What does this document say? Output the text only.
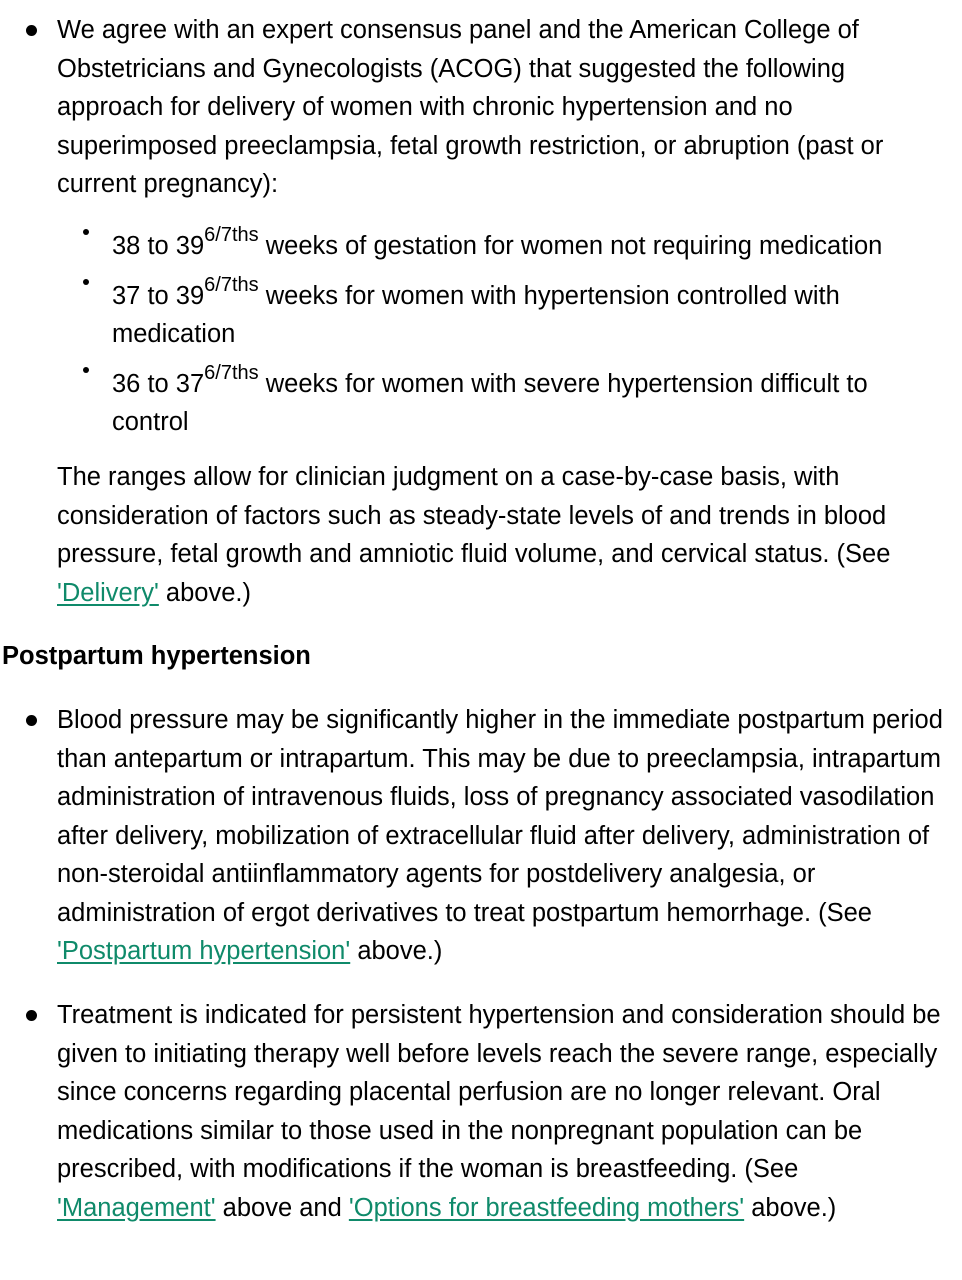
We agree with an expert consensus panel and the American College of Obstetricians and Gynecologists (ACOG) that suggested the following approach for delivery of women with chronic hypertension and no superimposed preeclampsia, fetal growth restriction, or abruption (past or current pregnancy):
38 to $39^{6/7ths}$ weeks of gestation for women not requiring medication
37 to $39^{6/7ths}$ weeks for women with hypertension controlled with medication
36 to $37^{6/7ths}$ weeks for women with severe hypertension difficult to control
The ranges allow for clinician judgment on a case-by-case basis, with consideration of factors such as steady-state levels of and trends in blood pressure, fetal growth and amniotic fluid volume, and cervical status. (See 'Delivery' above.)
Postpartum hypertension
Blood pressure may be significantly higher in the immediate postpartum period than antepartum or intrapartum. This may be due to preeclampsia, intrapartum administration of intravenous fluids, loss of pregnancy associated vasodilation after delivery, mobilization of extracellular fluid after delivery, administration of non-steroidal antiinflammatory agents for postdelivery analgesia, or administration of ergot derivatives to treat postpartum hemorrhage. (See 'Postpartum hypertension' above.)
Treatment is indicated for persistent hypertension and consideration should be given to initiating therapy well before levels reach the severe range, especially since concerns regarding placental perfusion are no longer relevant. Oral medications similar to those used in the nonpregnant population can be prescribed, with modifications if the woman is breastfeeding. (See 'Management' above and 'Options for breastfeeding mothers' above.)
